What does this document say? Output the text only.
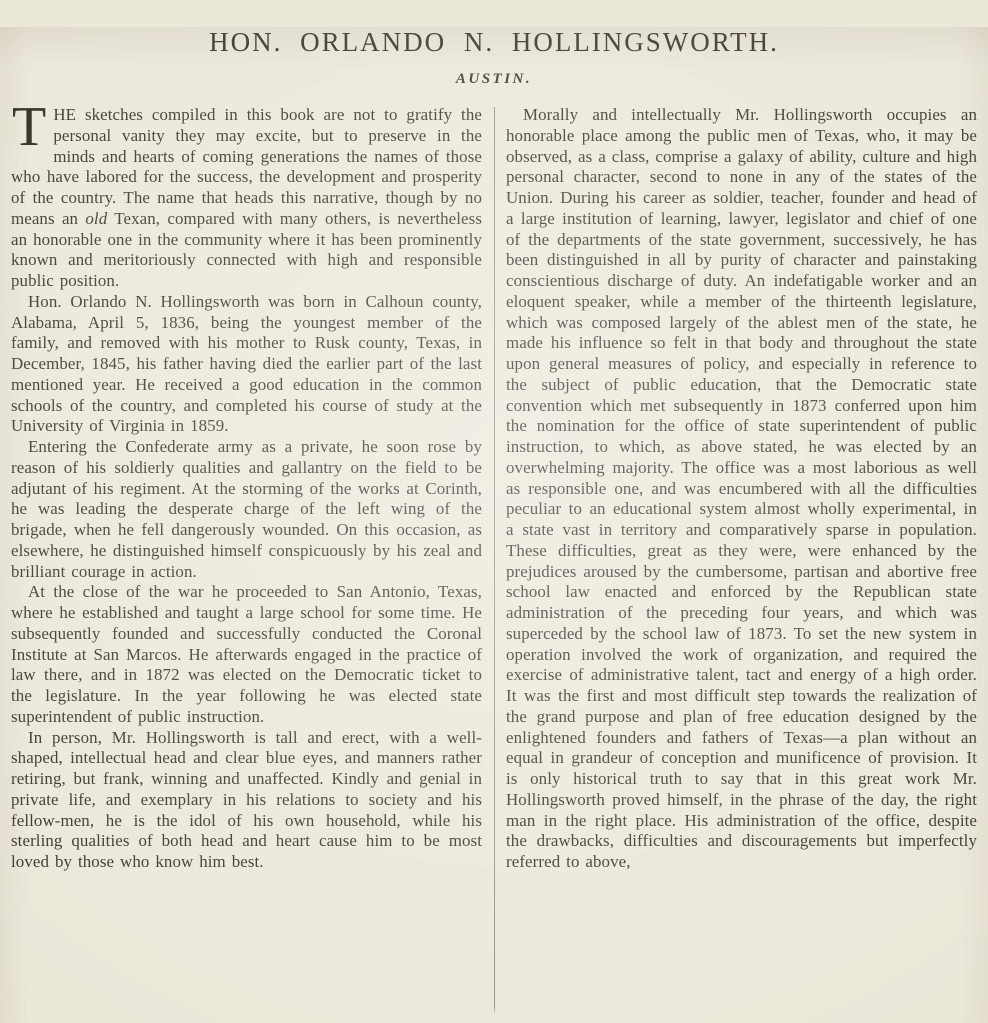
HON. ORLANDO N. HOLLINGSWORTH.
AUSTIN.

THE sketches compiled in this book are not to gratify the personal vanity they may excite, but to preserve in the minds and hearts of coming generations the names of those who have labored for the success, the development and prosperity of the country. The name that heads this narrative, though by no means an old Texan, compared with many others, is nevertheless an honorable one in the community where it has been prominently known and meritoriously connected with high and responsible public position.

Hon. Orlando N. Hollingsworth was born in Calhoun county, Alabama, April 5, 1836, being the youngest member of the family, and removed with his mother to Rusk county, Texas, in December, 1845, his father having died the earlier part of the last mentioned year. He received a good education in the common schools of the country, and completed his course of study at the University of Virginia in 1859.

Entering the Confederate army as a private, he soon rose by reason of his soldierly qualities and gallantry on the field to be adjutant of his regiment. At the storming of the works at Corinth, he was leading the desperate charge of the left wing of the brigade, when he fell dangerously wounded. On this occasion, as elsewhere, he distinguished himself conspicuously by his zeal and brilliant courage in action.

At the close of the war he proceeded to San Antonio, Texas, where he established and taught a large school for some time. He subsequently founded and successfully conducted the Coronal Institute at San Marcos. He afterwards engaged in the practice of law there, and in 1872 was elected on the Democratic ticket to the legislature. In the year following he was elected state superintendent of public instruction.

In person, Mr. Hollingsworth is tall and erect, with a well-shaped, intellectual head and clear blue eyes, and manners rather retiring, but frank, winning and unaffected. Kindly and genial in private life, and exemplary in his relations to society and his fellow-men, he is the idol of his own household, while his sterling qualities of both head and heart cause him to be most loved by those who know him best.

Morally and intellectually Mr. Hollingsworth occupies an honorable place among the public men of Texas, who, it may be observed, as a class, comprise a galaxy of ability, culture and high personal character, second to none in any of the states of the Union. During his career as soldier, teacher, founder and head of a large institution of learning, lawyer, legislator and chief of one of the departments of the state government, successively, he has been distinguished in all by purity of character and painstaking conscientious discharge of duty. An indefatigable worker and an eloquent speaker, while a member of the thirteenth legislature, which was composed largely of the ablest men of the state, he made his influence so felt in that body and throughout the state upon general measures of policy, and especially in reference to the subject of public education, that the Democratic state convention which met subsequently in 1873 conferred upon him the nomination for the office of state superintendent of public instruction, to which, as above stated, he was elected by an overwhelming majority. The office was a most laborious as well as responsible one, and was encumbered with all the difficulties peculiar to an educational system almost wholly experimental, in a state vast in territory and comparatively sparse in population. These difficulties, great as they were, were enhanced by the prejudices aroused by the cumbersome, partisan and abortive free school law enacted and enforced by the Republican state administration of the preceding four years, and which was superceded by the school law of 1873. To set the new system in operation involved the work of organization, and required the exercise of administrative talent, tact and energy of a high order. It was the first and most difficult step towards the realization of the grand purpose and plan of free education designed by the enlightened founders and fathers of Texas—a plan without an equal in grandeur of conception and munificence of provision. It is only historical truth to say that in this great work Mr. Hollingsworth proved himself, in the phrase of the day, the right man in the right place. His administration of the office, despite the drawbacks, difficulties and discouragements but imperfectly referred to above,
